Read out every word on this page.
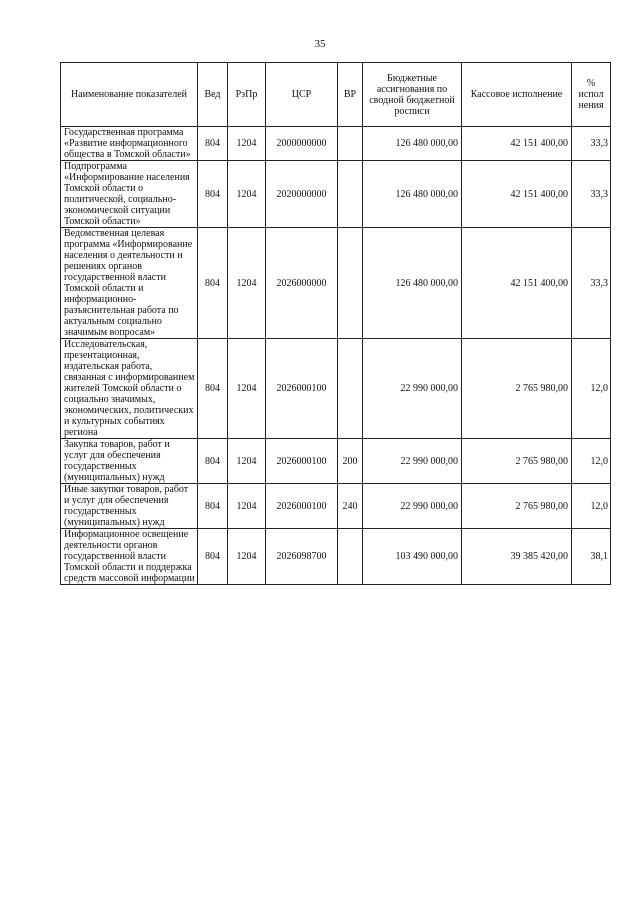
35
Наименование показателей	Вед	РзПр	ЦСР	ВР	Бюджетные ассигнования по сводной бюджетной росписи	Кассовое исполнение	% испол нения
Государственная программа «Развитие информационного общества в Томской области»	804	1204	2000000000		126 480 000,00	42 151 400,00	33,3
Подпрограмма «Информирование населения Томской области о политической, социально-экономической ситуации Томской области»	804	1204	2020000000		126 480 000,00	42 151 400,00	33,3
Ведомственная целевая программа «Информирование населения о деятельности и решениях органов государственной власти Томской области и информационно-разъяснительная работа по актуальным социально значимым вопросам»	804	1204	2026000000		126 480 000,00	42 151 400,00	33,3
Исследовательская, презентационная, издательская работа, связанная с информированием жителей Томской области о социально значимых, экономических, политических и культурных событиях региона	804	1204	2026000100		22 990 000,00	2 765 980,00	12,0
Закупка товаров, работ и услуг для обеспечения государственных (муниципальных) нужд	804	1204	2026000100	200	22 990 000,00	2 765 980,00	12,0
Иные закупки товаров, работ и услуг для обеспечения государственных (муниципальных) нужд	804	1204	2026000100	240	22 990 000,00	2 765 980,00	12,0
Информационное освещение деятельности органов государственной власти Томской области и поддержка средств массовой информации	804	1204	2026098700		103 490 000,00	39 385 420,00	38,1
